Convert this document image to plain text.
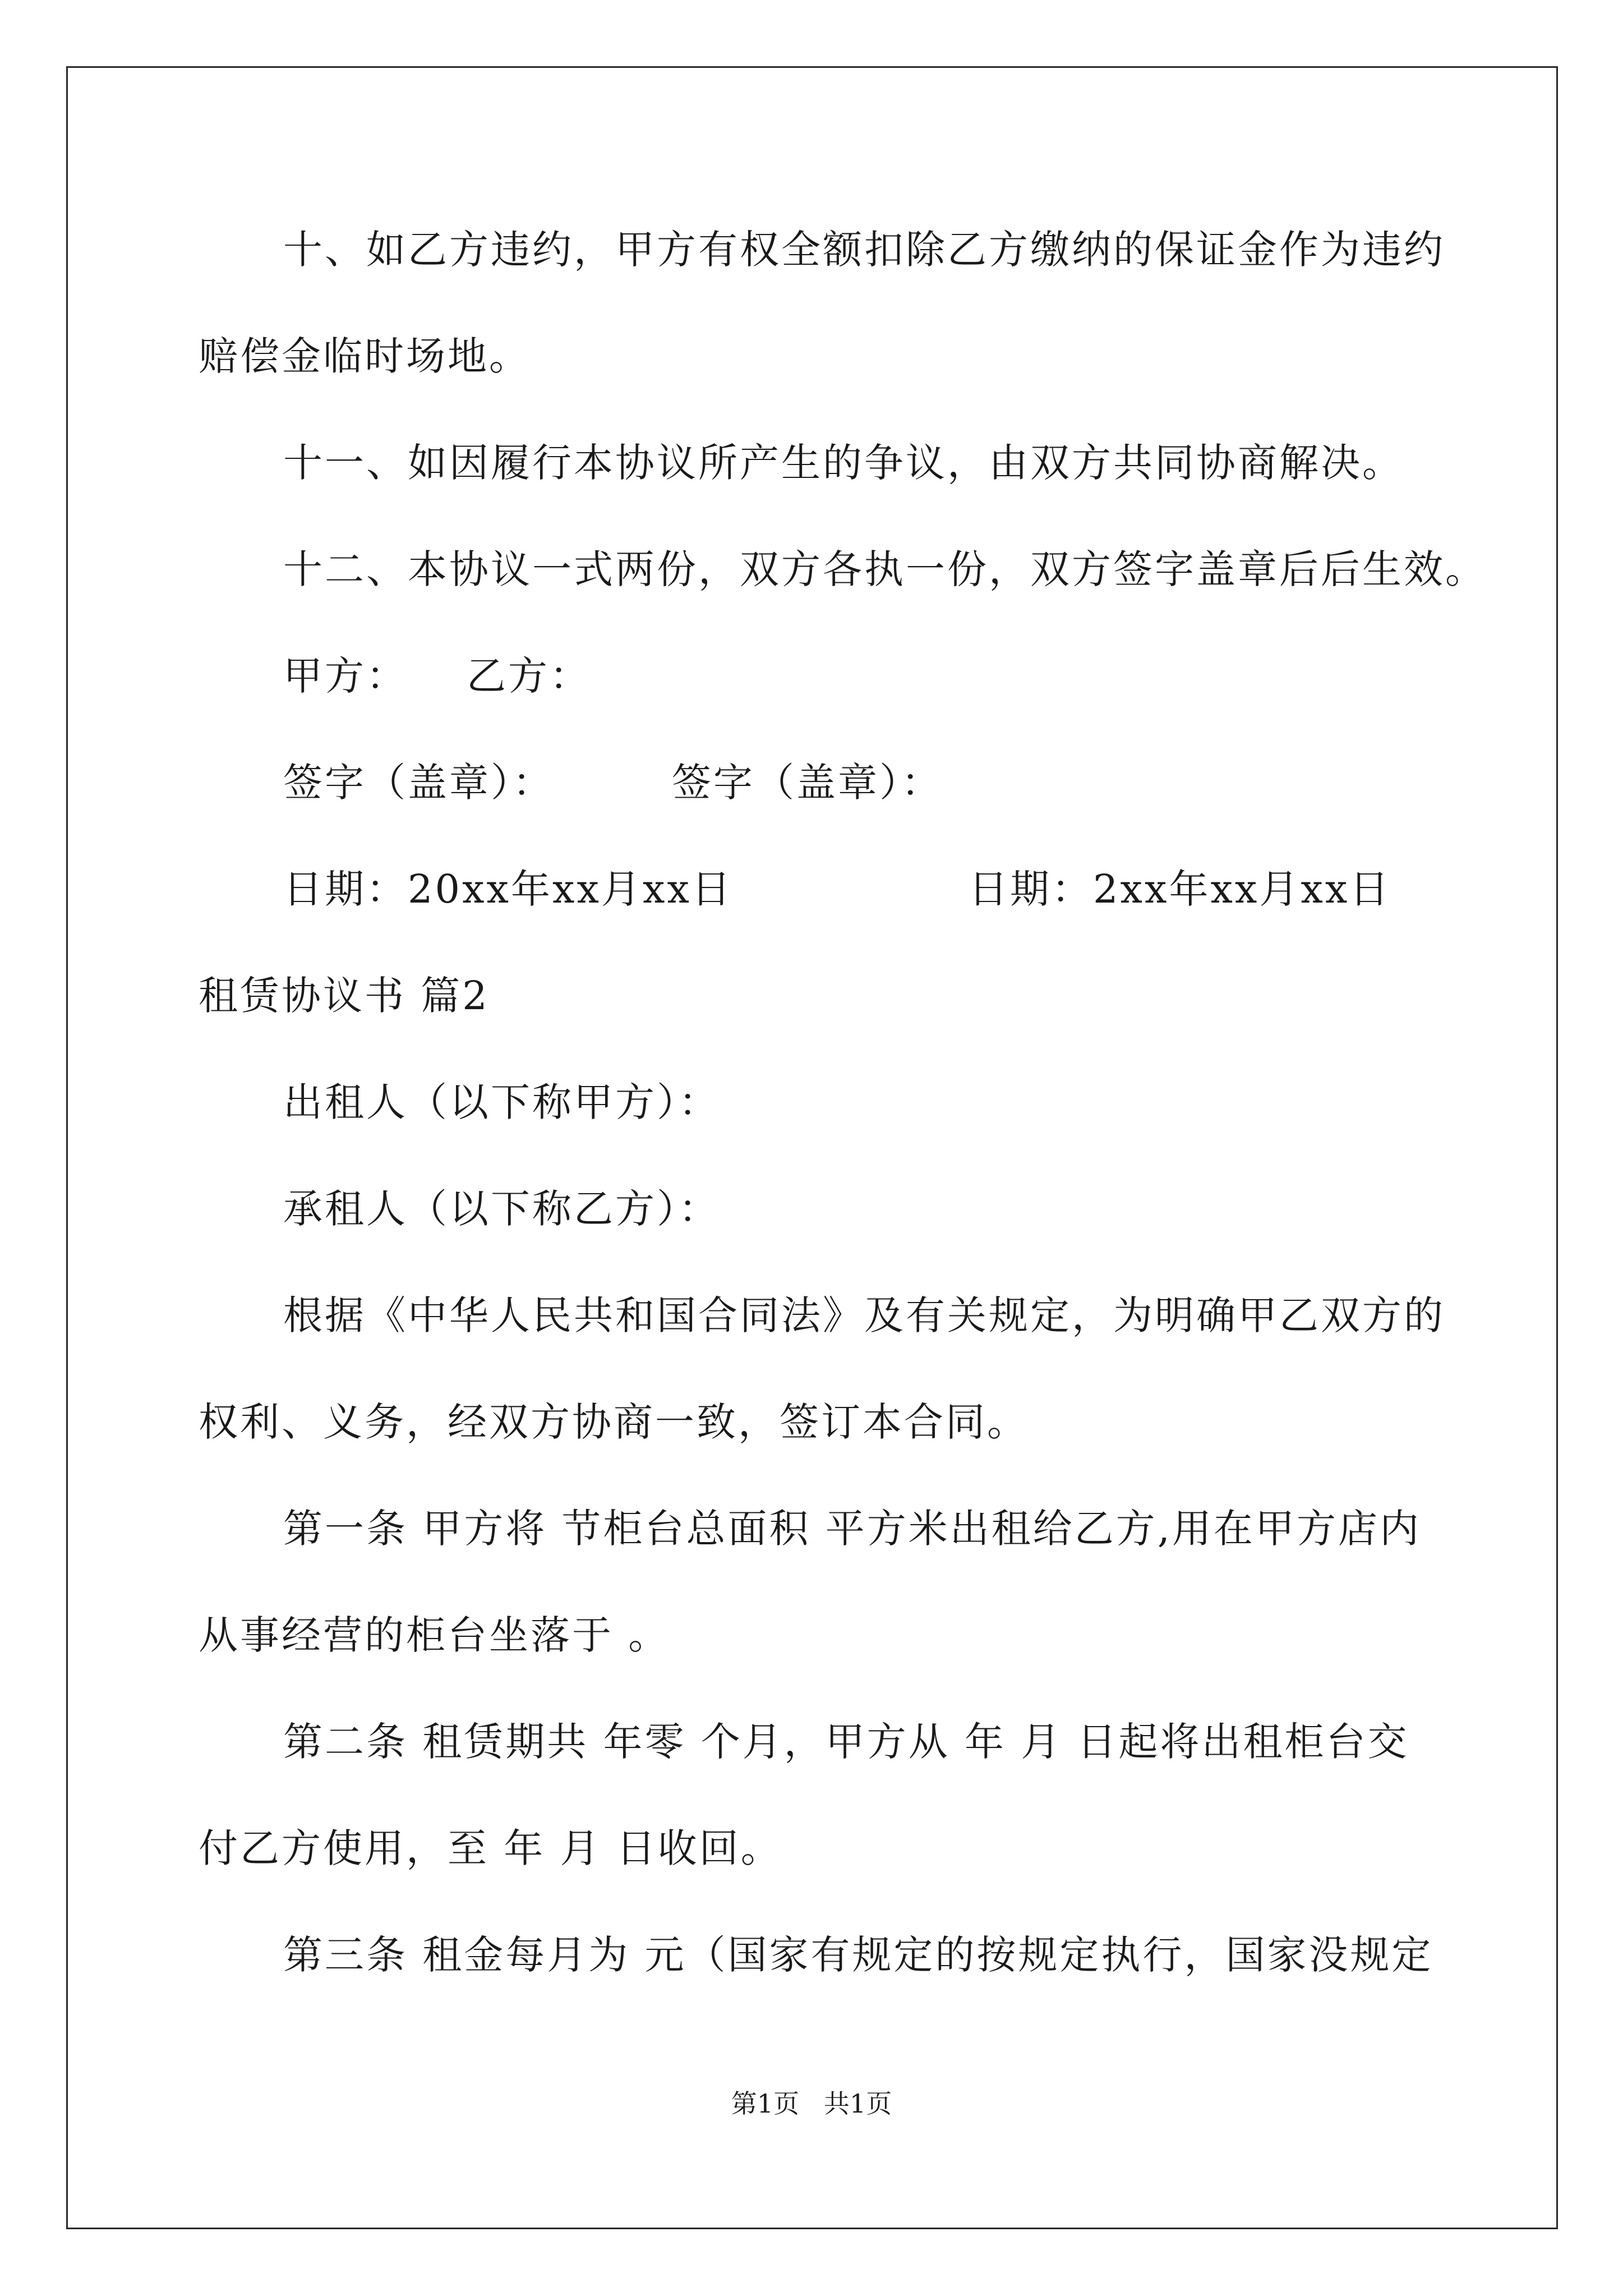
十、如乙方违约，甲方有权全额扣除乙方缴纳的保证金作为违约
赔偿金临时场地。
十一、如因履行本协议所产生的争议，由双方共同协商解决。
十二、本协议一式两份，双方各执一份，双方签字盖章后后生效。
甲方：    乙方：
签字（盖章）：        签字（盖章）：
日期：20xx年xx月xx日                日期：2xx年xx月xx日
租赁协议书 篇2
出租人（以下称甲方）：
承租人（以下称乙方）：
根据《中华人民共和国合同法》及有关规定，为明确甲乙双方的
权利、义务，经双方协商一致，签订本合同。
第一条 甲方将 节柜台总面积 平方米出租给乙方,用在甲方店内
从事经营的柜台坐落于 。
第二条 租赁期共 年零 个月，甲方从 年 月 日起将出租柜台交
付乙方使用，至 年 月 日收回。
第三条 租金每月为 元（国家有规定的按规定执行，国家没规定
第1页   共1页
